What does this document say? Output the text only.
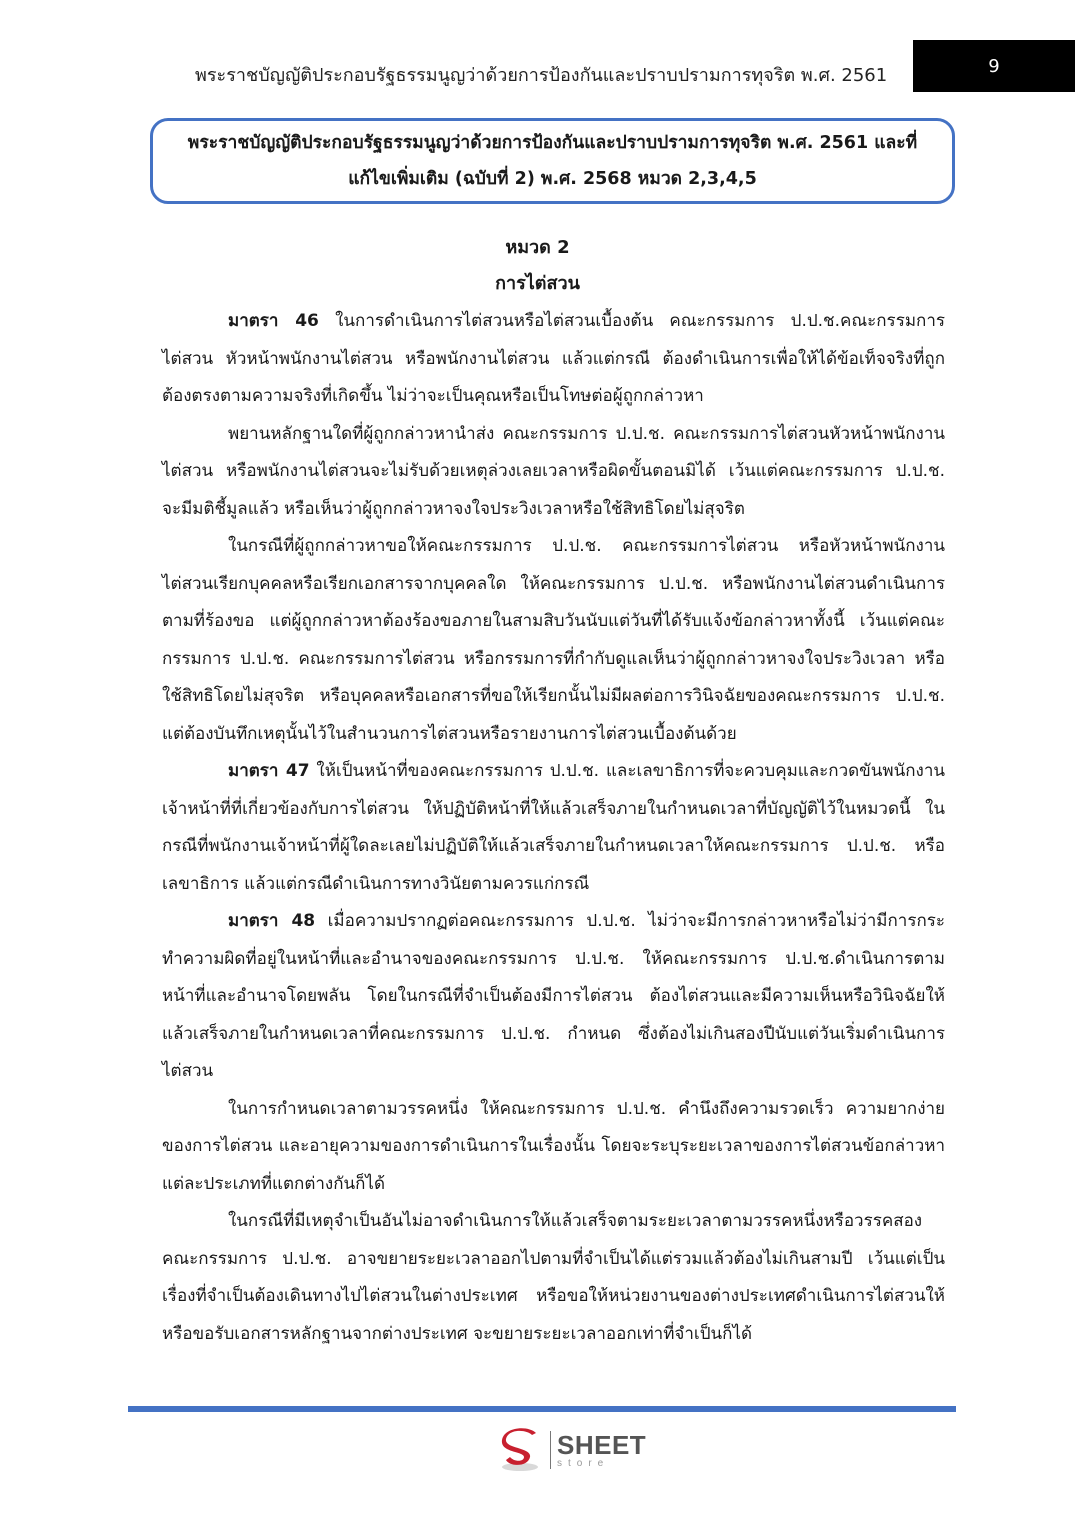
พระราชบัญญัติประกอบรัฐธรรมนูญว่าด้วยการป้องกันและปราบปรามการทุจริต พ.ศ. 2561	9
พระราชบัญญัติประกอบรัฐธรรมนูญว่าด้วยการป้องกันและปราบปรามการทุจริต พ.ศ. 2561 และที่
แก้ไขเพิ่มเติม (ฉบับที่ 2) พ.ศ. 2568 หมวด 2,3,4,5
หมวด 2
การไต่สวน

มาตรา 46 ในการดำเนินการไต่สวนหรือไต่สวนเบื้องต้น คณะกรรมการ ป.ป.ช.คณะกรรมการไต่สวน หัวหน้าพนักงานไต่สวน หรือพนักงานไต่สวน แล้วแต่กรณี ต้องดำเนินการเพื่อให้ได้ข้อเท็จจริงที่ถูกต้องตรงตามความจริงที่เกิดขึ้น ไม่ว่าจะเป็นคุณหรือเป็นโทษต่อผู้ถูกกล่าวหา

พยานหลักฐานใดที่ผู้ถูกกล่าวหานำส่ง คณะกรรมการ ป.ป.ช. คณะกรรมการไต่สวนหัวหน้าพนักงานไต่สวน หรือพนักงานไต่สวนจะไม่รับด้วยเหตุล่วงเลยเวลาหรือผิดขั้นตอนมิได้ เว้นแต่คณะกรรมการ ป.ป.ช. จะมีมติชี้มูลแล้ว หรือเห็นว่าผู้ถูกกล่าวหาจงใจประวิงเวลาหรือใช้สิทธิโดยไม่สุจริต

ในกรณีที่ผู้ถูกกล่าวหาขอให้คณะกรรมการ ป.ป.ช. คณะกรรมการไต่สวน หรือหัวหน้าพนักงานไต่สวนเรียกบุคคลหรือเรียกเอกสารจากบุคคลใด ให้คณะกรรมการ ป.ป.ช. หรือพนักงานไต่สวนดำเนินการตามที่ร้องขอ แต่ผู้ถูกกล่าวหาต้องร้องขอภายในสามสิบวันนับแต่วันที่ได้รับแจ้งข้อกล่าวหาทั้งนี้ เว้นแต่คณะกรรมการ ป.ป.ช. คณะกรรมการไต่สวน หรือกรรมการที่กำกับดูแลเห็นว่าผู้ถูกกล่าวหาจงใจประวิงเวลา หรือใช้สิทธิโดยไม่สุจริต หรือบุคคลหรือเอกสารที่ขอให้เรียกนั้นไม่มีผลต่อการวินิจฉัยของคณะกรรมการ ป.ป.ช. แต่ต้องบันทึกเหตุนั้นไว้ในสำนวนการไต่สวนหรือรายงานการไต่สวนเบื้องต้นด้วย

มาตรา 47 ให้เป็นหน้าที่ของคณะกรรมการ ป.ป.ช. และเลขาธิการที่จะควบคุมและกวดขันพนักงานเจ้าหน้าที่ที่เกี่ยวข้องกับการไต่สวน ให้ปฏิบัติหน้าที่ให้แล้วเสร็จภายในกำหนดเวลาที่บัญญัติไว้ในหมวดนี้ ในกรณีที่พนักงานเจ้าหน้าที่ผู้ใดละเลยไม่ปฏิบัติให้แล้วเสร็จภายในกำหนดเวลาให้คณะกรรมการ ป.ป.ช. หรือเลขาธิการ แล้วแต่กรณีดำเนินการทางวินัยตามควรแก่กรณี

มาตรา 48 เมื่อความปรากฏต่อคณะกรรมการ ป.ป.ช. ไม่ว่าจะมีการกล่าวหาหรือไม่ว่ามีการกระทำความผิดที่อยู่ในหน้าที่และอำนาจของคณะกรรมการ ป.ป.ช. ให้คณะกรรมการ ป.ป.ช.ดำเนินการตามหน้าที่และอำนาจโดยพลัน โดยในกรณีที่จำเป็นต้องมีการไต่สวน ต้องไต่สวนและมีความเห็นหรือวินิจฉัยให้แล้วเสร็จภายในกำหนดเวลาที่คณะกรรมการ ป.ป.ช. กำหนด ซึ่งต้องไม่เกินสองปีนับแต่วันเริ่มดำเนินการไต่สวน

ในการกำหนดเวลาตามวรรคหนึ่ง ให้คณะกรรมการ ป.ป.ช. คำนึงถึงความรวดเร็ว ความยากง่ายของการไต่สวน และอายุความของการดำเนินการในเรื่องนั้น โดยจะระบุระยะเวลาของการไต่สวนข้อกล่าวหาแต่ละประเภทที่แตกต่างกันก็ได้

ในกรณีที่มีเหตุจำเป็นอันไม่อาจดำเนินการให้แล้วเสร็จตามระยะเวลาตามวรรคหนึ่งหรือวรรคสองคณะกรรมการ ป.ป.ช. อาจขยายระยะเวลาออกไปตามที่จำเป็นได้แต่รวมแล้วต้องไม่เกินสามปี เว้นแต่เป็นเรื่องที่จำเป็นต้องเดินทางไปไต่สวนในต่างประเทศ หรือขอให้หน่วยงานของต่างประเทศดำเนินการไต่สวนให้ หรือขอรับเอกสารหลักฐานจากต่างประเทศ จะขยายระยะเวลาออกเท่าที่จำเป็นก็ได้

SHEET
store
